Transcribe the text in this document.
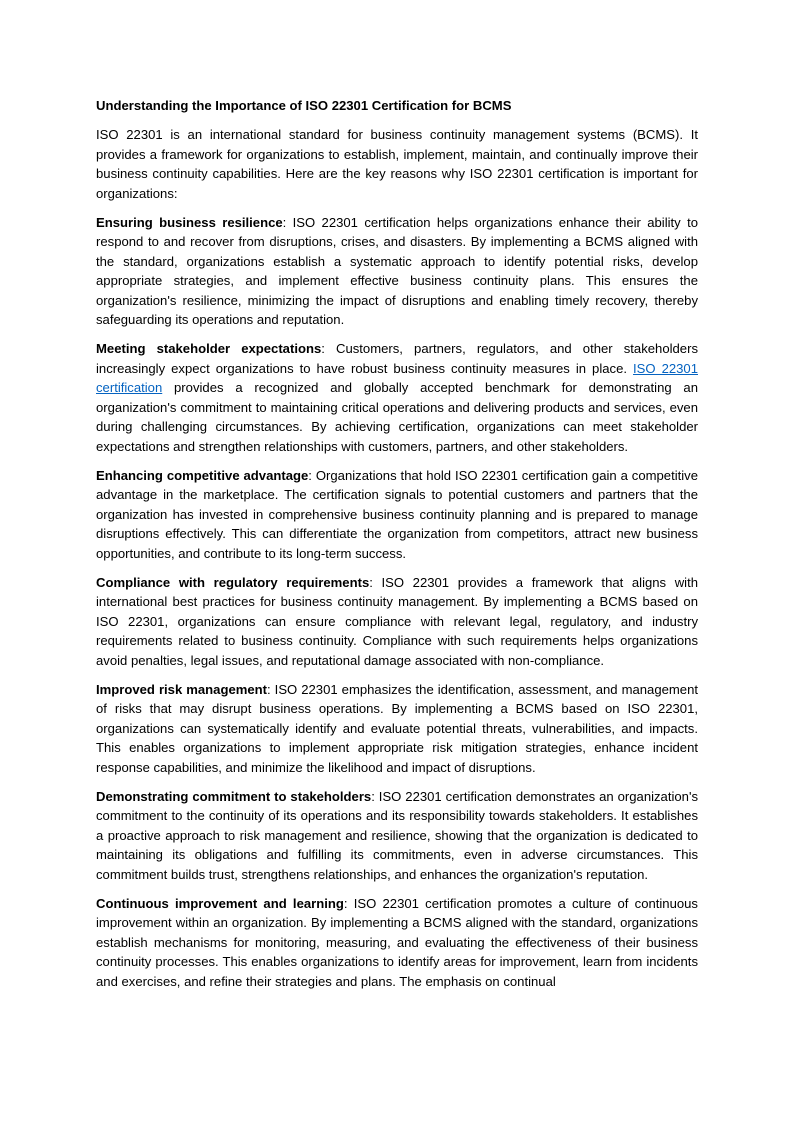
Understanding the Importance of ISO 22301 Certification for BCMS

ISO 22301 is an international standard for business continuity management systems (BCMS). It provides a framework for organizations to establish, implement, maintain, and continually improve their business continuity capabilities. Here are the key reasons why ISO 22301 certification is important for organizations:

Ensuring business resilience: ISO 22301 certification helps organizations enhance their ability to respond to and recover from disruptions, crises, and disasters. By implementing a BCMS aligned with the standard, organizations establish a systematic approach to identify potential risks, develop appropriate strategies, and implement effective business continuity plans. This ensures the organization's resilience, minimizing the impact of disruptions and enabling timely recovery, thereby safeguarding its operations and reputation.

Meeting stakeholder expectations: Customers, partners, regulators, and other stakeholders increasingly expect organizations to have robust business continuity measures in place. ISO 22301 certification provides a recognized and globally accepted benchmark for demonstrating an organization's commitment to maintaining critical operations and delivering products and services, even during challenging circumstances. By achieving certification, organizations can meet stakeholder expectations and strengthen relationships with customers, partners, and other stakeholders.

Enhancing competitive advantage: Organizations that hold ISO 22301 certification gain a competitive advantage in the marketplace. The certification signals to potential customers and partners that the organization has invested in comprehensive business continuity planning and is prepared to manage disruptions effectively. This can differentiate the organization from competitors, attract new business opportunities, and contribute to its long-term success.

Compliance with regulatory requirements: ISO 22301 provides a framework that aligns with international best practices for business continuity management. By implementing a BCMS based on ISO 22301, organizations can ensure compliance with relevant legal, regulatory, and industry requirements related to business continuity. Compliance with such requirements helps organizations avoid penalties, legal issues, and reputational damage associated with non-compliance.

Improved risk management: ISO 22301 emphasizes the identification, assessment, and management of risks that may disrupt business operations. By implementing a BCMS based on ISO 22301, organizations can systematically identify and evaluate potential threats, vulnerabilities, and impacts. This enables organizations to implement appropriate risk mitigation strategies, enhance incident response capabilities, and minimize the likelihood and impact of disruptions.

Demonstrating commitment to stakeholders: ISO 22301 certification demonstrates an organization's commitment to the continuity of its operations and its responsibility towards stakeholders. It establishes a proactive approach to risk management and resilience, showing that the organization is dedicated to maintaining its obligations and fulfilling its commitments, even in adverse circumstances. This commitment builds trust, strengthens relationships, and enhances the organization's reputation.

Continuous improvement and learning: ISO 22301 certification promotes a culture of continuous improvement within an organization. By implementing a BCMS aligned with the standard, organizations establish mechanisms for monitoring, measuring, and evaluating the effectiveness of their business continuity processes. This enables organizations to identify areas for improvement, learn from incidents and exercises, and refine their strategies and plans. The emphasis on continual
